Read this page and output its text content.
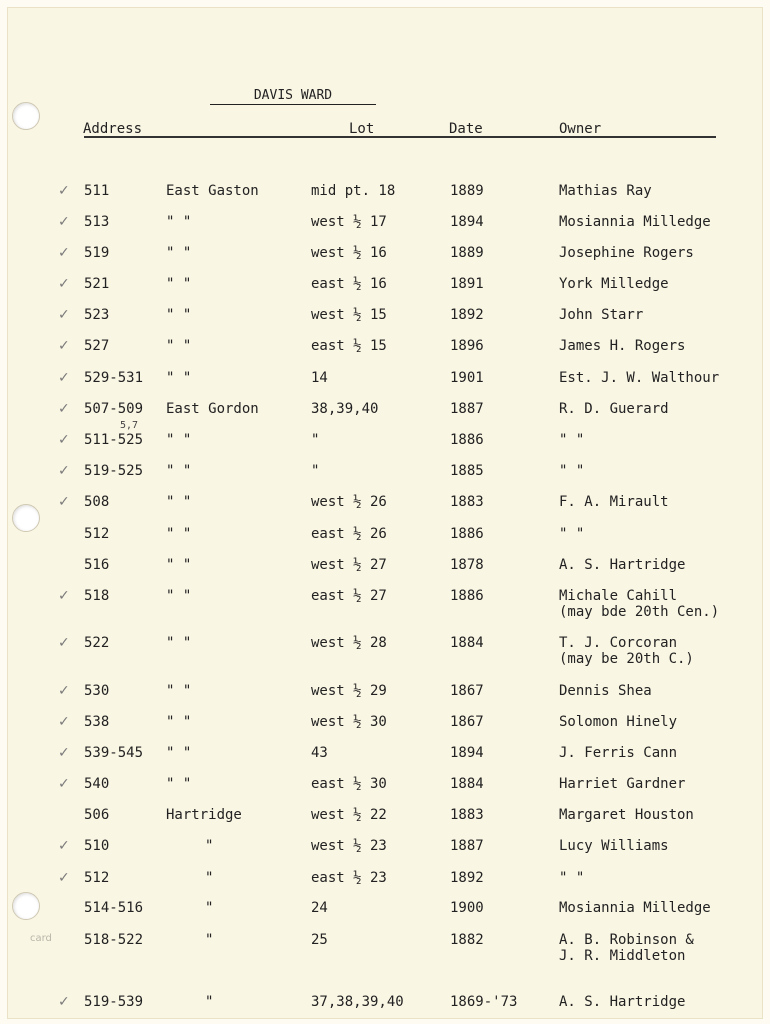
DAVIS WARD
Address	Lot	Date	Owner
✓ 511	East Gaston	mid pt. 18	1889	Mathias Ray
✓ 513	" "	west ½ 17	1894	Mosiannia Milledge
✓ 519	" "	west ½ 16	1889	Josephine Rogers
✓ 521	" "	east ½ 16	1891	York Milledge
✓ 523	" "	west ½ 15	1892	John Starr
✓ 527	" "	east ½ 15	1896	James H. Rogers
✓ 529-531 " "	14	1901	Est. J. W. Walthour
✓ 507-509 East Gordon	38,39,40	1887	R. D. Guerard
✓ 511-525 " "	"	1886	" "
✓ 519-525 " "	"	1885	" "
✓ 508	" "	west ½ 26	1883	F. A. Mirault
512	" "	east ½ 26	1886	" "
516	" "	west ½ 27	1878	A. S. Hartridge
✓ 518	" "	east ½ 27	1886	Michale Cahill
(may bde 20th Cen.)
✓ 522	" "	west ½ 28	1884	T. J. Corcoran
(may be 20th C.)
✓ 530	" "	west ½ 29	1867	Dennis Shea
✓ 538	" "	west ½ 30	1867	Solomon Hinely
✓ 539-545 " "	43	1894	J. Ferris Cann
✓ 540	" "	east ½ 30	1884	Harriet Gardner
506	Hartridge	west ½ 22	1883	Margaret Houston
✓ 510	"	west ½ 23	1887	Lucy Williams
✓ 512	"	east ½ 23	1892	" "
514-516	"	24	1900	Mosiannia Milledge
518-522	"	25	1882	A. B. Robinson &
J. R. Middleton
✓ 519-539	"	37,38,39,40	1869-'73	A. S. Hartridge
5,7
card
